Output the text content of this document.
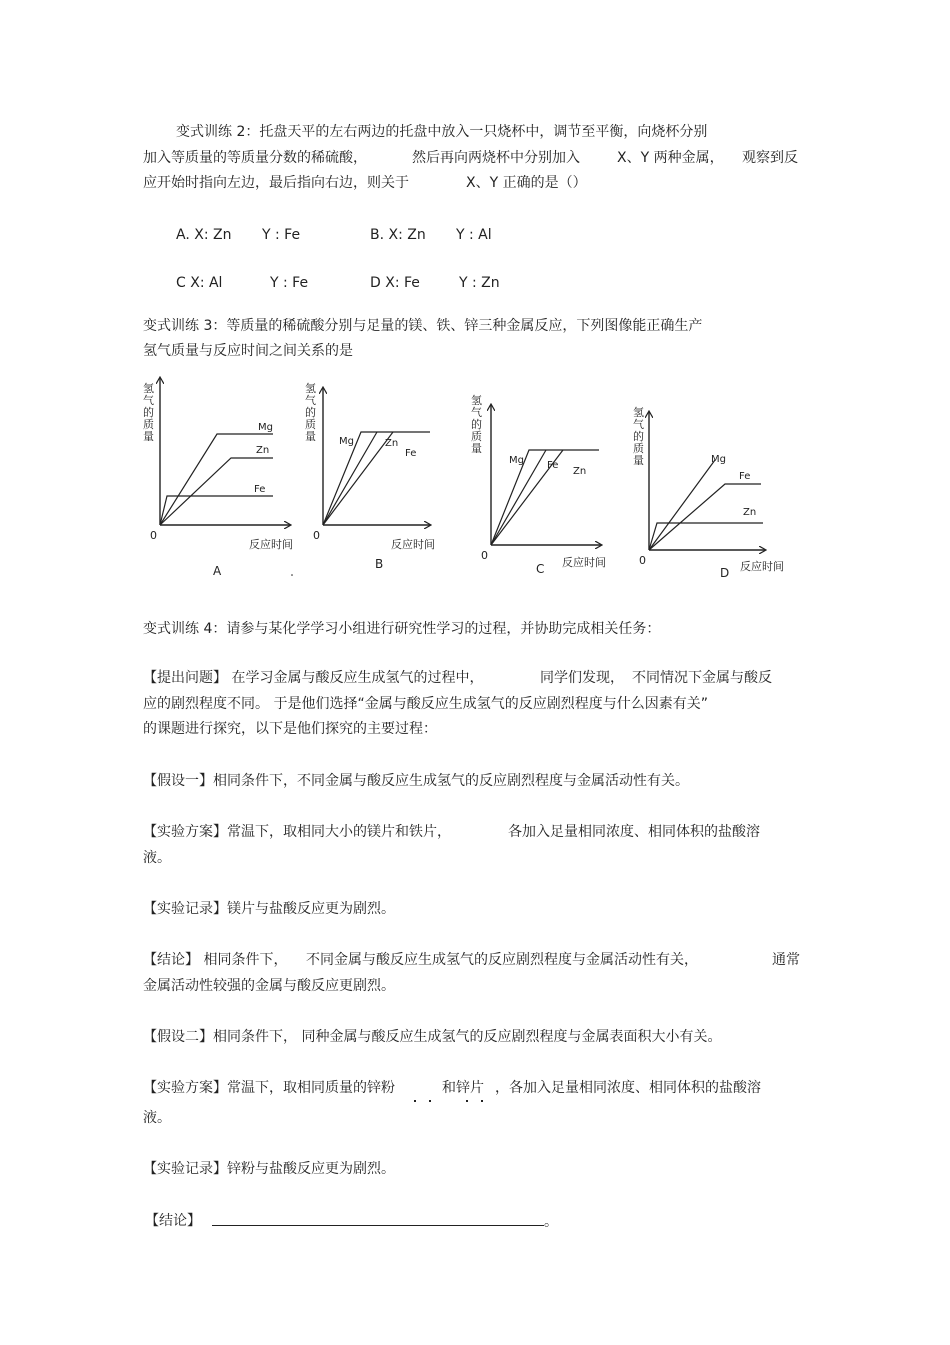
变式训练 2：托盘天平的左右两边的托盘中放入一只烧杯中，调节至平衡，向烧杯分别
加入等质量的等质量分数的稀硫酸，	然后再向两烧杯中分别加入	X、Y 两种金属， 观察到反
应开始时指向左边，最后指向右边，则关于	X、Y 正确的是（）
A. X: Zn Y : Fe	B. X: Zn Y : Al
C X: Al	Y : Fe	D X: Fe	Y : Zn
变式训练 3：等质量的稀硫酸分别与足量的镁、铁、锌三种金属反应，下列图像能正确生产
氢气质量与反应时间之间关系的是
Mg
Zn
Fe
0
反应时间
氢
气
的
质
量
A
Mg	Zn
Fe
0
反应时间
氢
气
的
质
量
B
Mg Fe
Zn
0
反应时间
氢
气
的
质
量
C
Mg
Fe
Zn
0	反应时间
氢
气
的
质
量
D
变式训练 4：请参与某化学学习小组进行研究性学习的过程，并协助完成相关任务：
【提出问题】 在学习金属与酸反应生成氢气的过程中，	同学们发现， 不同情况下金属与酸反
应的剧烈程度不同。 于是他们选择“金属与酸反应生成氢气的反应剧烈程度与什么因素有关”
的课题进行探究，以下是他们探究的主要过程：
【假设一】相同条件下，不同金属与酸反应生成氢气的反应剧烈程度与金属活动性有关。
【实验方案】常温下，取相同大小的镁片和铁片，	各加入足量相同浓度、相同体积的盐酸溶
液。
【实验记录】镁片与盐酸反应更为剧烈。
【结论】 相同条件下， 不同金属与酸反应生成氢气的反应剧烈程度与金属活动性有关，	通常
金属活动性较强的金属与酸反应更剧烈。
【假设二】相同条件下， 同种金属与酸反应生成氢气的反应剧烈程度与金属表面积大小有关。
【实验方案】常温下，取相同质量的锌粉	和锌片 ，各加入足量相同浓度、相同体积的盐酸溶
液。
【实验记录】锌粉与盐酸反应更为剧烈。
【结论】	。
